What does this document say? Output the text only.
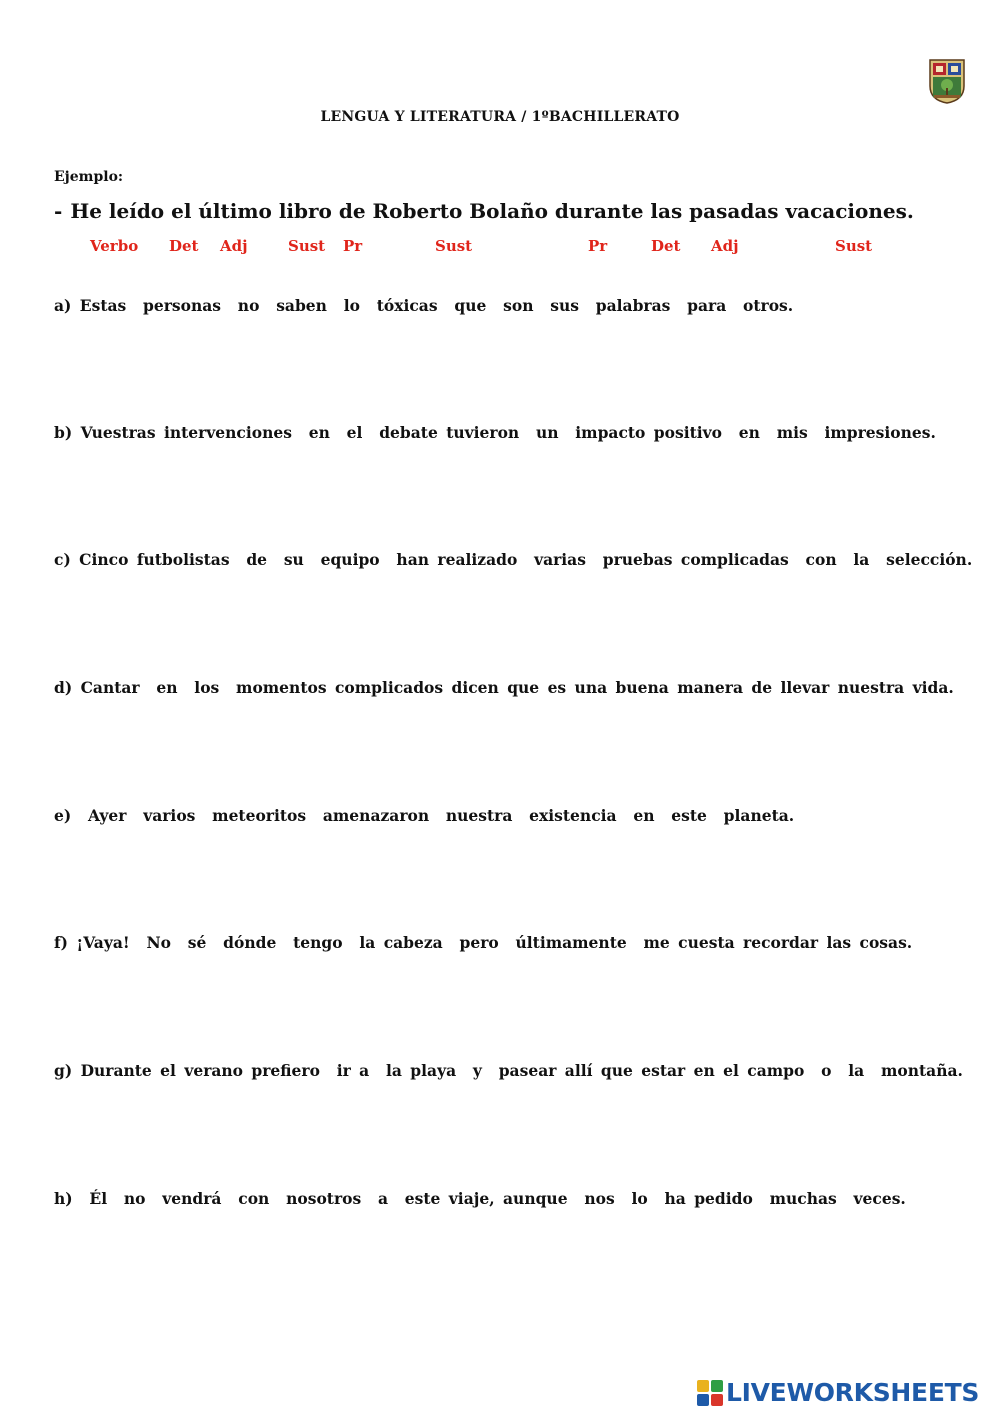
LENGUA Y LITERATURA / 1ºBACHILLERATO
Ejemplo:
- He leído el último libro de Roberto Bolaño durante las pasadas vacaciones.
Verbo Det Adj	Sust Pr	Sust	Pr	Det Adj	Sust
a) Estas  personas  no  saben  lo  tóxicas  que  son  sus  palabras  para  otros.
b) Vuestras intervenciones  en  el  debate tuvieron  un  impacto positivo  en  mis  impresiones.
c) Cinco futbolistas  de  su  equipo  han realizado  varias  pruebas complicadas  con  la  selección.
d) Cantar  en  los  momentos complicados dicen que es una buena manera de llevar nuestra vida.
e)  Ayer  varios  meteoritos  amenazaron  nuestra  existencia  en  este  planeta.
f) ¡Vaya!  No  sé  dónde  tengo  la cabeza  pero  últimamente  me cuesta recordar las cosas.
g) Durante el verano prefiero  ir a  la playa  y  pasear allí que estar en el campo  o  la  montaña.
h)  Él  no  vendrá  con  nosotros  a  este viaje, aunque  nos  lo  ha pedido  muchas  veces.
LIVEWORKSHEETS
